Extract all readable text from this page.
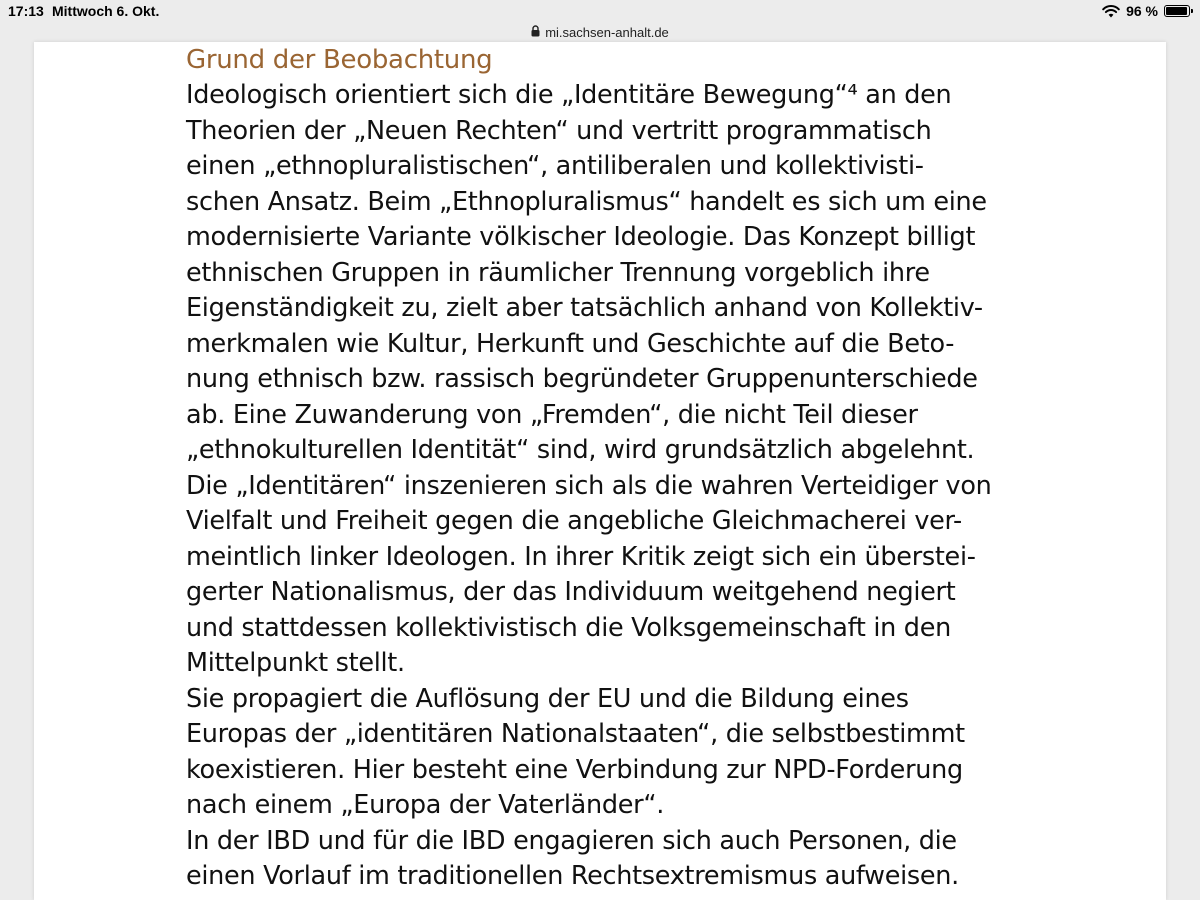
17:13 Mittwoch 6. Okt.	96 %
mi.sachsen-anhalt.de
Grund der Beobachtung

Ideologisch orientiert sich die „Identitäre Bewegung“⁴ an den

Theorien der „Neuen Rechten“ und vertritt programmatisch

einen „ethnopluralistischen“, antiliberalen und kollektivisti-

schen Ansatz. Beim „Ethnopluralismus“ handelt es sich um eine

modernisierte Variante völkischer Ideologie. Das Konzept billigt

ethnischen Gruppen in räumlicher Trennung vorgeblich ihre

Eigenständigkeit zu, zielt aber tatsächlich anhand von Kollektiv-

merkmalen wie Kultur, Herkunft und Geschichte auf die Beto-

nung ethnisch bzw. rassisch begründeter Gruppenunterschiede

ab. Eine Zuwanderung von „Fremden“, die nicht Teil dieser

„ethnokulturellen Identität“ sind, wird grundsätzlich abgelehnt.

Die „Identitären“ inszenieren sich als die wahren Verteidiger von

Vielfalt und Freiheit gegen die angebliche Gleichmacherei ver-

meintlich linker Ideologen. In ihrer Kritik zeigt sich ein überstei-

gerter Nationalismus, der das Individuum weitgehend negiert

und stattdessen kollektivistisch die Volksgemeinschaft in den

Mittelpunkt stellt.

Sie propagiert die Auflösung der EU und die Bildung eines

Europas der „identitären Nationalstaaten“, die selbstbestimmt

koexistieren. Hier besteht eine Verbindung zur NPD-Forderung

nach einem „Europa der Vaterländer“.

In der IBD und für die IBD engagieren sich auch Personen, die

einen Vorlauf im traditionellen Rechtsextremismus aufweisen.
